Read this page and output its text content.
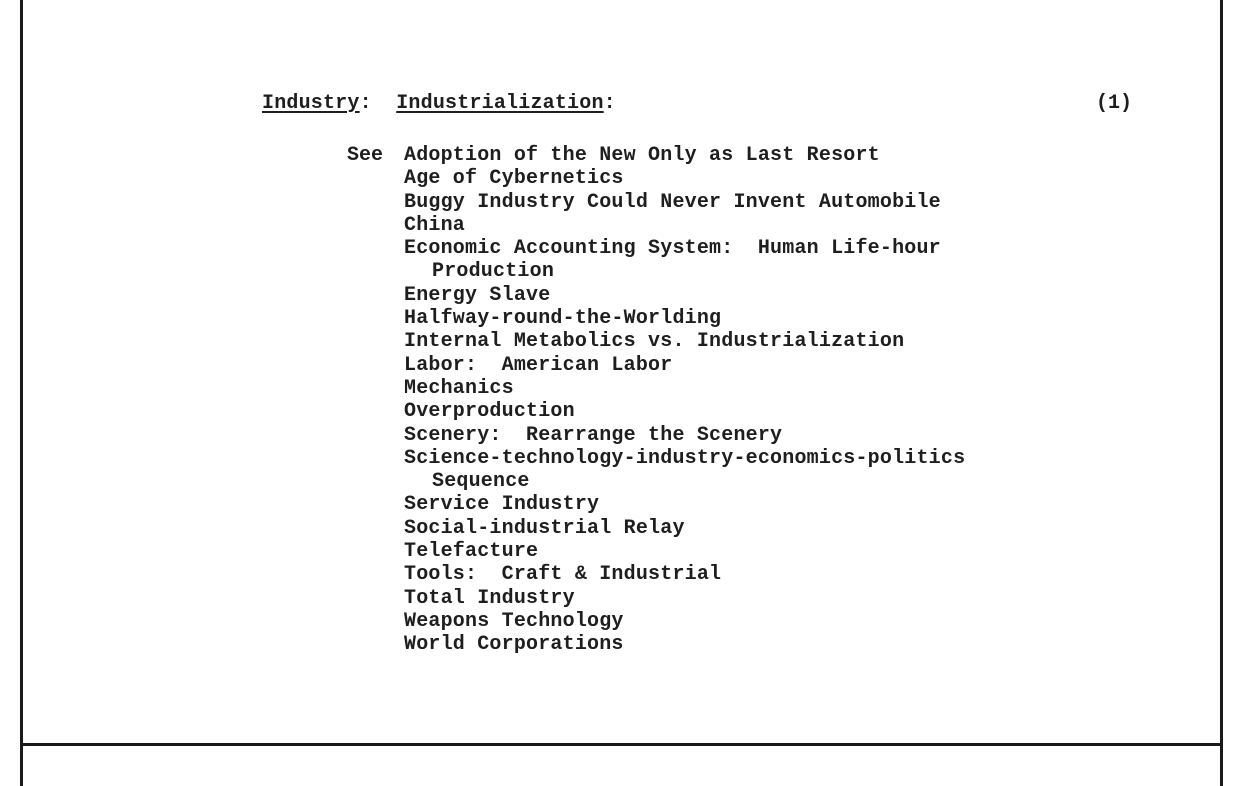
Industry:  Industrialization:	(1)
See Adoption of the New Only as Last Resort
Age of Cybernetics
Buggy Industry Could Never Invent Automobile
China
Economic Accounting System:  Human Life-hour
Production
Energy Slave
Halfway-round-the-Worlding
Internal Metabolics vs. Industrialization
Labor:  American Labor
Mechanics
Overproduction
Scenery:  Rearrange the Scenery
Science-technology-industry-economics-politics
Sequence
Service Industry
Social-industrial Relay
Telefacture
Tools:  Craft & Industrial
Total Industry
Weapons Technology
World Corporations
